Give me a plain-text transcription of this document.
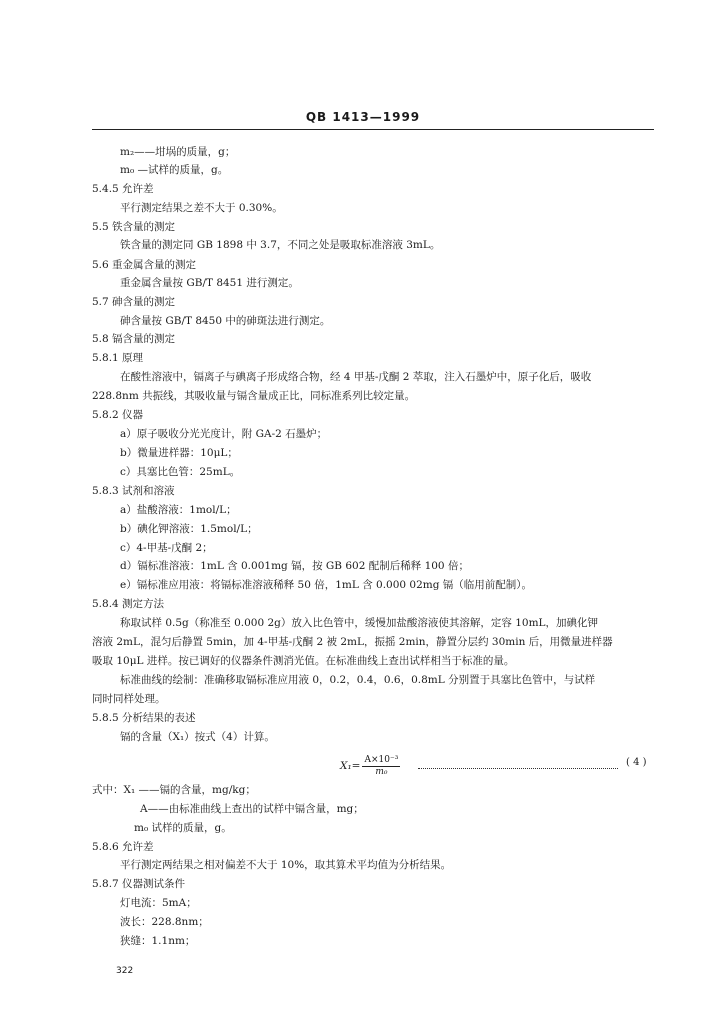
QB 1413—1999
m₂——坩埚的质量，g；
m₀ —试样的质量，g。
5.4.5 允许差
平行测定结果之差不大于 0.30%。
5.5 铁含量的测定
铁含量的测定同 GB 1898 中 3.7，不同之处是吸取标准溶液 3mL。
5.6 重金属含量的测定
重金属含量按 GB/T 8451 进行测定。
5.7 砷含量的测定
砷含量按 GB/T 8450 中的砷斑法进行测定。
5.8 镉含量的测定
5.8.1 原理
在酸性溶液中，镉离子与碘离子形成络合物，经 4 甲基-戊酮 2 萃取，注入石墨炉中，原子化后，吸收
228.8nm 共振线，其吸收量与镉含量成正比，同标准系列比较定量。
5.8.2 仪器
a）原子吸收分光光度计，附 GA-2 石墨炉；
b）微量进样器：10μL；
c）具塞比色管：25mL。
5.8.3 试剂和溶液
a）盐酸溶液：1mol/L；
b）碘化钾溶液：1.5mol/L；
c）4-甲基-戊酮 2；
d）镉标准溶液：1mL 含 0.001mg 镉，按 GB 602 配制后稀释 100 倍；
e）镉标准应用液：将镉标准溶液稀释 50 倍，1mL 含 0.000 02mg 镉（临用前配制）。
5.8.4 测定方法
称取试样 0.5g（称准至 0.000 2g）放入比色管中，缓慢加盐酸溶液使其溶解，定容 10mL，加碘化钾
溶液 2mL，混匀后静置 5min，加 4-甲基-戊酮 2 被 2mL，振摇 2min，静置分层约 30min 后，用微量进样器
吸取 10μL 进样。按已调好的仪器条件测消光值。在标准曲线上查出试样相当于标准的量。
标准曲线的绘制：准确移取镉标准应用液 0，0.2，0.4，0.6，0.8mL 分别置于具塞比色管中，与试样
同时同样处理。
5.8.5 分析结果的表述
镉的含量（X₁）按式（4）计算。
$X_1= \frac{\text{A×10⁻³}}{\text{m₀}}$	( 4 )
式中：X₁ ——镉的含量，mg/kg；
A——由标准曲线上查出的试样中镉含量，mg；
m₀ 试样的质量，g。
5.8.6 允许差
平行测定两结果之相对偏差不大于 10%，取其算术平均值为分析结果。
5.8.7 仪器测试条件
灯电流：5mA；
波长：228.8nm；
狭缝：1.1nm；
322
